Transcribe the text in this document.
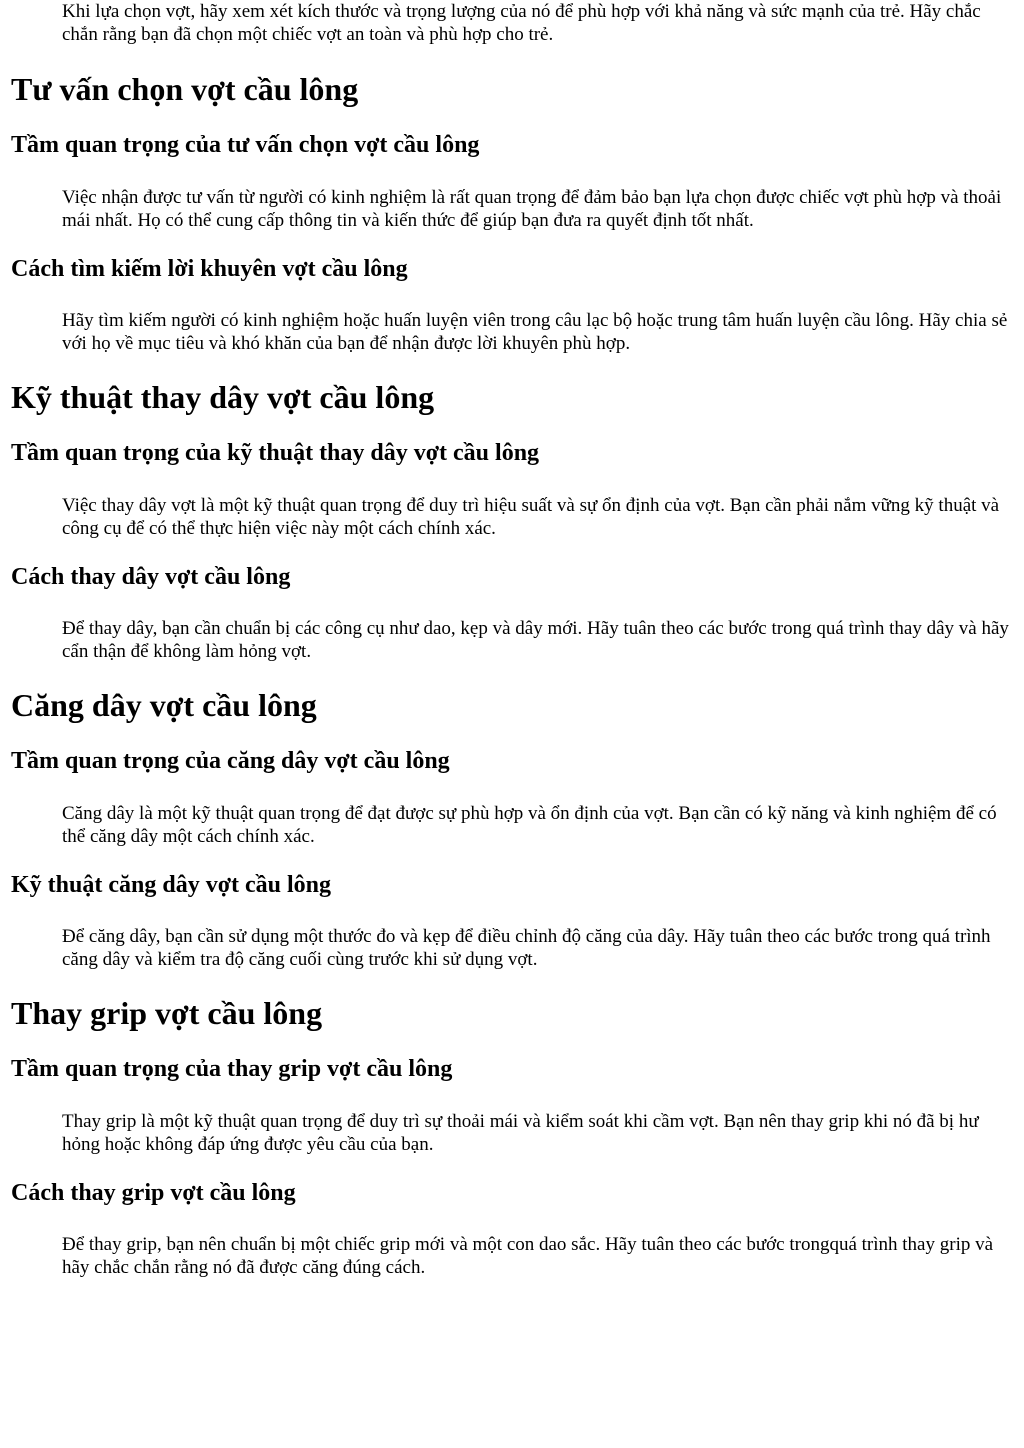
Khi lựa chọn vợt, hãy xem xét kích thước và trọng lượng của nó để phù hợp với khả năng và sức mạnh của trẻ. Hãy chắc chắn rằng bạn đã chọn một chiếc vợt an toàn và phù hợp cho trẻ.

Tư vấn chọn vợt cầu lông
Tầm quan trọng của tư vấn chọn vợt cầu lông

Việc nhận được tư vấn từ người có kinh nghiệm là rất quan trọng để đảm bảo bạn lựa chọn được chiếc vợt phù hợp và thoải mái nhất. Họ có thể cung cấp thông tin và kiến thức để giúp bạn đưa ra quyết định tốt nhất.

Cách tìm kiếm lời khuyên vợt cầu lông

Hãy tìm kiếm người có kinh nghiệm hoặc huấn luyện viên trong câu lạc bộ hoặc trung tâm huấn luyện cầu lông. Hãy chia sẻ với họ về mục tiêu và khó khăn của bạn để nhận được lời khuyên phù hợp.

Kỹ thuật thay dây vợt cầu lông
Tầm quan trọng của kỹ thuật thay dây vợt cầu lông

Việc thay dây vợt là một kỹ thuật quan trọng để duy trì hiệu suất và sự ổn định của vợt. Bạn cần phải nắm vững kỹ thuật và công cụ để có thể thực hiện việc này một cách chính xác.

Cách thay dây vợt cầu lông

Để thay dây, bạn cần chuẩn bị các công cụ như dao, kẹp và dây mới. Hãy tuân theo các bước trong quá trình thay dây và hãy cẩn thận để không làm hỏng vợt.

Căng dây vợt cầu lông
Tầm quan trọng của căng dây vợt cầu lông

Căng dây là một kỹ thuật quan trọng để đạt được sự phù hợp và ổn định của vợt. Bạn cần có kỹ năng và kinh nghiệm để có thể căng dây một cách chính xác.

Kỹ thuật căng dây vợt cầu lông

Để căng dây, bạn cần sử dụng một thước đo và kẹp để điều chỉnh độ căng của dây. Hãy tuân theo các bước trong quá trình căng dây và kiểm tra độ căng cuối cùng trước khi sử dụng vợt.

Thay grip vợt cầu lông
Tầm quan trọng của thay grip vợt cầu lông

Thay grip là một kỹ thuật quan trọng để duy trì sự thoải mái và kiểm soát khi cầm vợt. Bạn nên thay grip khi nó đã bị hư hỏng hoặc không đáp ứng được yêu cầu của bạn.

Cách thay grip vợt cầu lông

Để thay grip, bạn nên chuẩn bị một chiếc grip mới và một con dao sắc. Hãy tuân theo các bước trongquá trình thay grip và hãy chắc chắn rằng nó đã được căng đúng cách.
